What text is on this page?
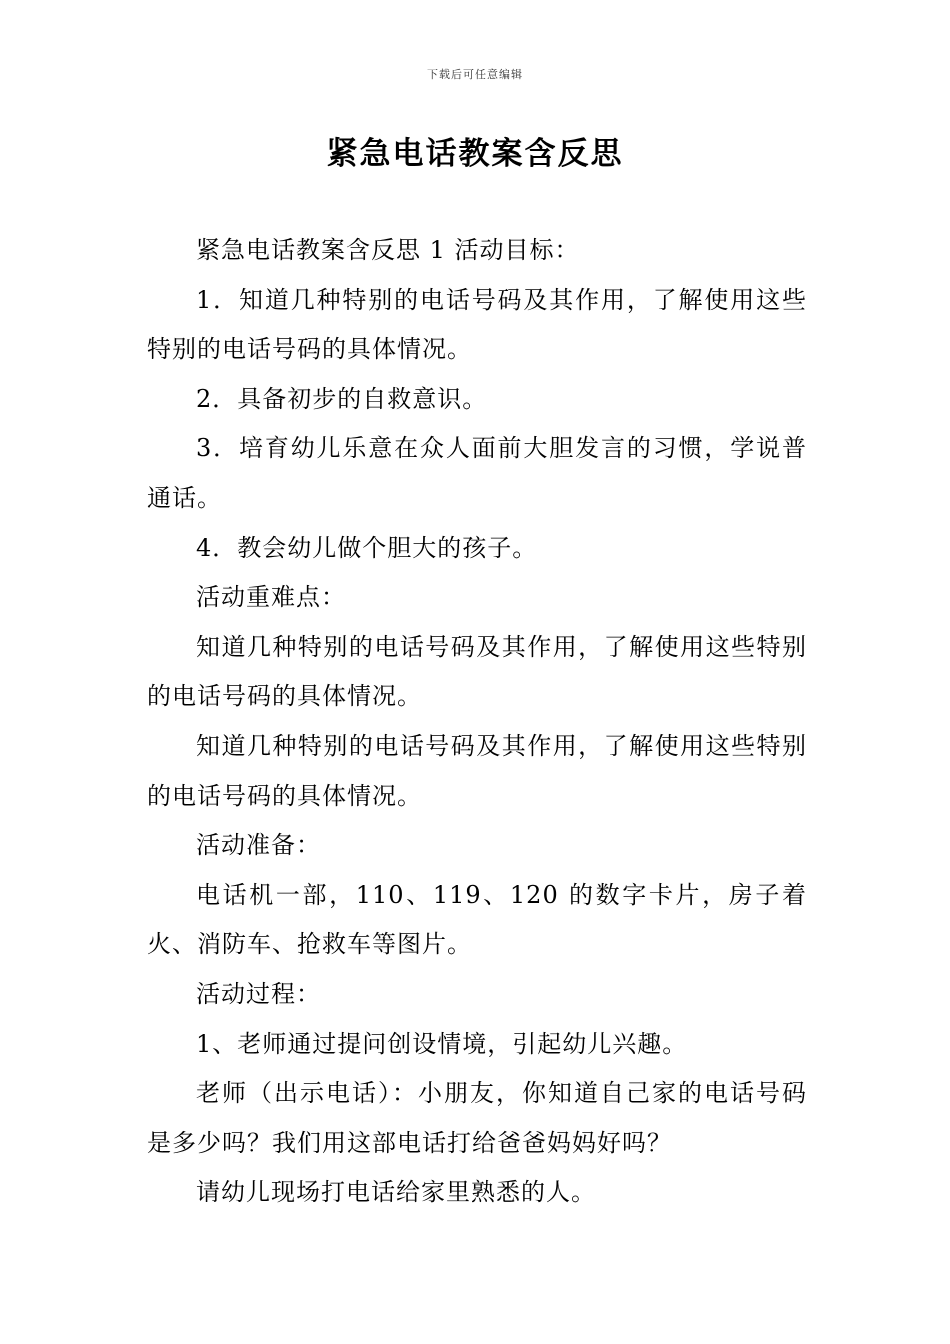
下载后可任意编辑
紧急电话教案含反思

紧急电话教案含反思 1 活动目标：

1．知道几种特别的电话号码及其作用，了解使用这些特别的电话号码的具体情况。

2．具备初步的自救意识。

3．培育幼儿乐意在众人面前大胆发言的习惯，学说普通话。

4．教会幼儿做个胆大的孩子。

活动重难点：

知道几种特别的电话号码及其作用，了解使用这些特别的电话号码的具体情况。

知道几种特别的电话号码及其作用，了解使用这些特别的电话号码的具体情况。

活动准备：

电话机一部，110、119、120 的数字卡片，房子着火、消防车、抢救车等图片。

活动过程：

1、老师通过提问创设情境，引起幼儿兴趣。

老师（出示电话）：小朋友，你知道自己家的电话号码是多少吗？我们用这部电话打给爸爸妈妈好吗？

请幼儿现场打电话给家里熟悉的人。
